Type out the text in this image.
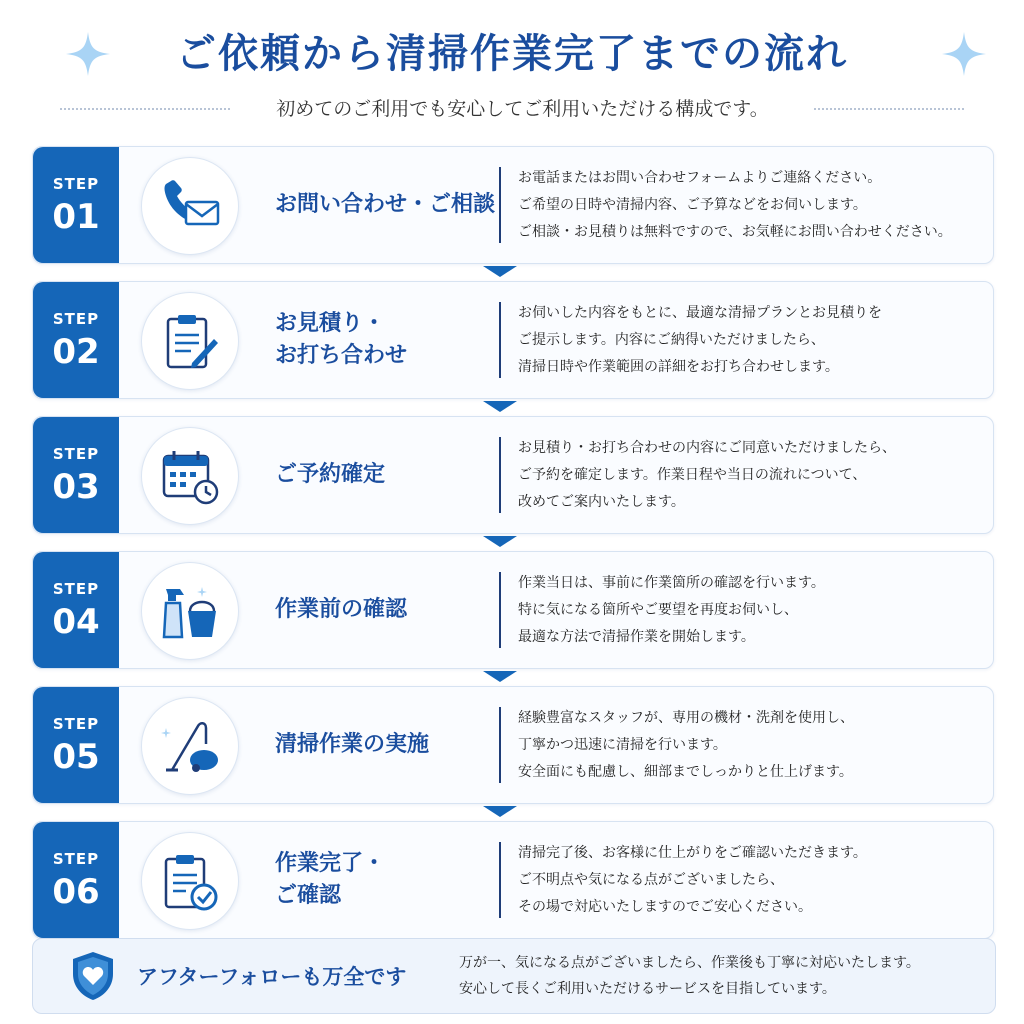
ご依頼から清掃作業完了までの流れ
初めてのご利用でも安心してご利用いただける構成です。
STEP
01	お問い合わせ・ご相談
お電話またはお問い合わせフォームよりご連絡ください。
ご希望の日時や清掃内容、ご予算などをお伺いします。
ご相談・お見積りは無料ですので、お気軽にお問い合わせください。
STEP
02
お見積り・
お打ち合わせ
お伺いした内容をもとに、最適な清掃プランとお見積りを
ご提示します。内容にご納得いただけましたら、
清掃日時や作業範囲の詳細をお打ち合わせします。
STEP
03	ご予約確定
お見積り・お打ち合わせの内容にご同意いただけましたら、
ご予約を確定します。作業日程や当日の流れについて、
改めてご案内いたします。
STEP
04	作業前の確認
作業当日は、事前に作業箇所の確認を行います。
特に気になる箇所やご要望を再度お伺いし、
最適な方法で清掃作業を開始します。
STEP
05	清掃作業の実施
経験豊富なスタッフが、専用の機材・洗剤を使用し、
丁寧かつ迅速に清掃を行います。
安全面にも配慮し、細部までしっかりと仕上げます。
STEP
06
作業完了・
ご確認
清掃完了後、お客様に仕上がりをご確認いただきます。
ご不明点や気になる点がございましたら、
その場で対応いたしますのでご安心ください。
アフターフォローも万全です
万が一、気になる点がございましたら、作業後も丁寧に対応いたします。
安心して長くご利用いただけるサービスを目指しています。
